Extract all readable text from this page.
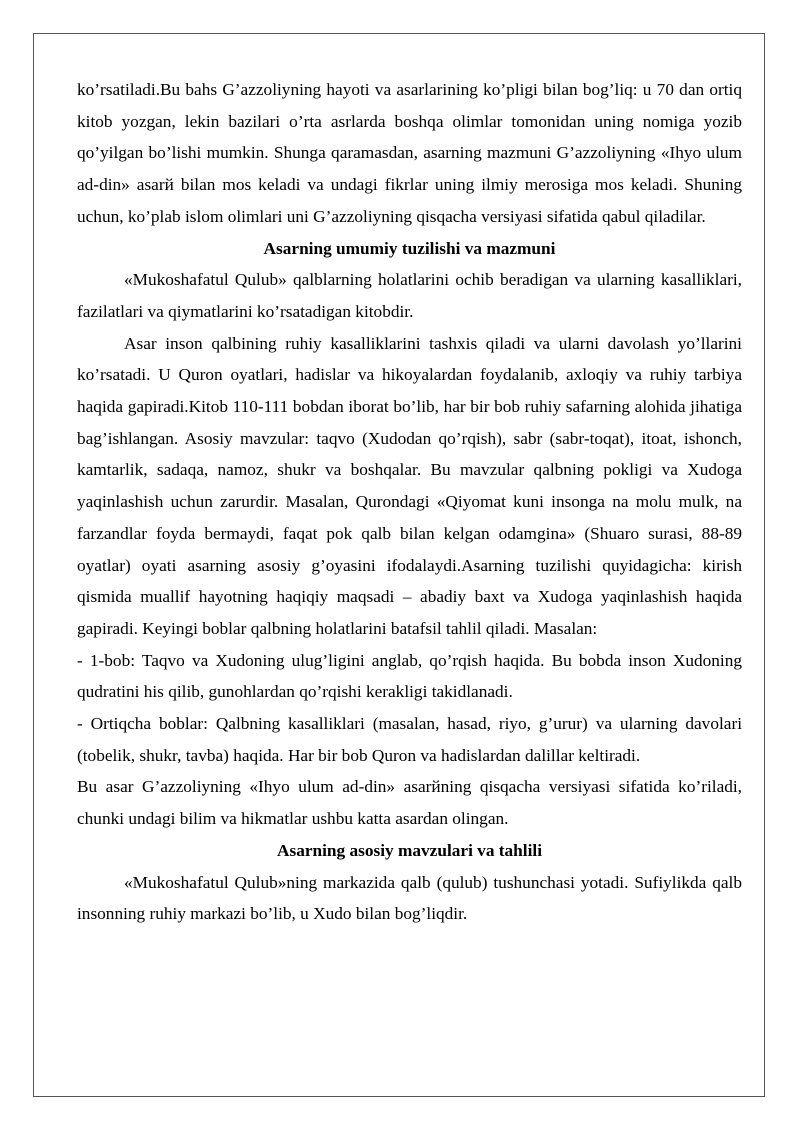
ko’rsatiladi.Bu bahs G’azzoliyning hayoti va asarlarining ko’pligi bilan bog’liq: u 70 dan ortiq kitob yozgan, lekin bazilari o’rta asrlarda boshqa olimlar tomonidan uning nomiga yozib qo’yilgan bo’lishi mumkin. Shunga qaramasdan, asarning mazmuni G’azzoliyning «Ihyo ulum ad-din» asarй bilan mos keladi va undagi fikrlar uning ilmiy merosiga mos keladi. Shuning uchun, ko’plab islom olimlari uni G’azzoliyning qisqacha versiyasi sifatida qabul qiladilar.

Asarning umumiy tuzilishi va mazmuni

«Mukoshafatul Qulub» qalblarning holatlarini ochib beradigan va ularning kasalliklari, fazilatlari va qiymatlarini ko’rsatadigan kitobdir.

Asar inson qalbining ruhiy kasalliklarini tashxis qiladi va ularni davolash yo’llarini ko’rsatadi. U Quron oyatlari, hadislar va hikoyalardan foydalanib, axloqiy va ruhiy tarbiya haqida gapiradi.Kitob 110-111 bobdan iborat bo’lib, har bir bob ruhiy safarning alohida jihatiga bag’ishlangan. Asosiy mavzular: taqvo (Xudodan qo’rqish), sabr (sabr-toqat), itoat, ishonch, kamtarlik, sadaqa, namoz, shukr va boshqalar. Bu mavzular qalbning pokligi va Xudoga yaqinlashish uchun zarurdir. Masalan, Qurondagi «Qiyomat kuni insonga na molu mulk, na farzandlar foyda bermaydi, faqat pok qalb bilan kelgan odamgina» (Shuaro surasi, 88-89 oyatlar) oyati asarning asosiy g’oyasini ifodalaydi.Asarning tuzilishi quyidagicha: kirish qismida muallif hayotning haqiqiy maqsadi – abadiy baxt va Xudoga yaqinlashish haqida gapiradi. Keyingi boblar qalbning holatlarini batafsil tahlil qiladi. Masalan:

- 1-bob: Taqvo va Xudoning ulug’ligini anglab, qo’rqish haqida. Bu bobda inson Xudoning qudratini his qilib, gunohlardan qo’rqishi kerakligi takidlanadi.

- Ortiqcha boblar: Qalbning kasalliklari (masalan, hasad, riyo, g’urur) va ularning davolari (tobelik, shukr, tavba) haqida. Har bir bob Quron va hadislardan dalillar keltiradi.

Bu asar G’azzoliyning «Ihyo ulum ad-din» asarйning qisqacha versiyasi sifatida ko’riladi, chunki undagi bilim va hikmatlar ushbu katta asardan olingan.

Asarning asosiy mavzulari va tahlili

«Mukoshafatul Qulub»ning markazida qalb (qulub) tushunchasi yotadi. Sufiylikda qalb insonning ruhiy markazi bo’lib, u Xudo bilan bog’liqdir.
